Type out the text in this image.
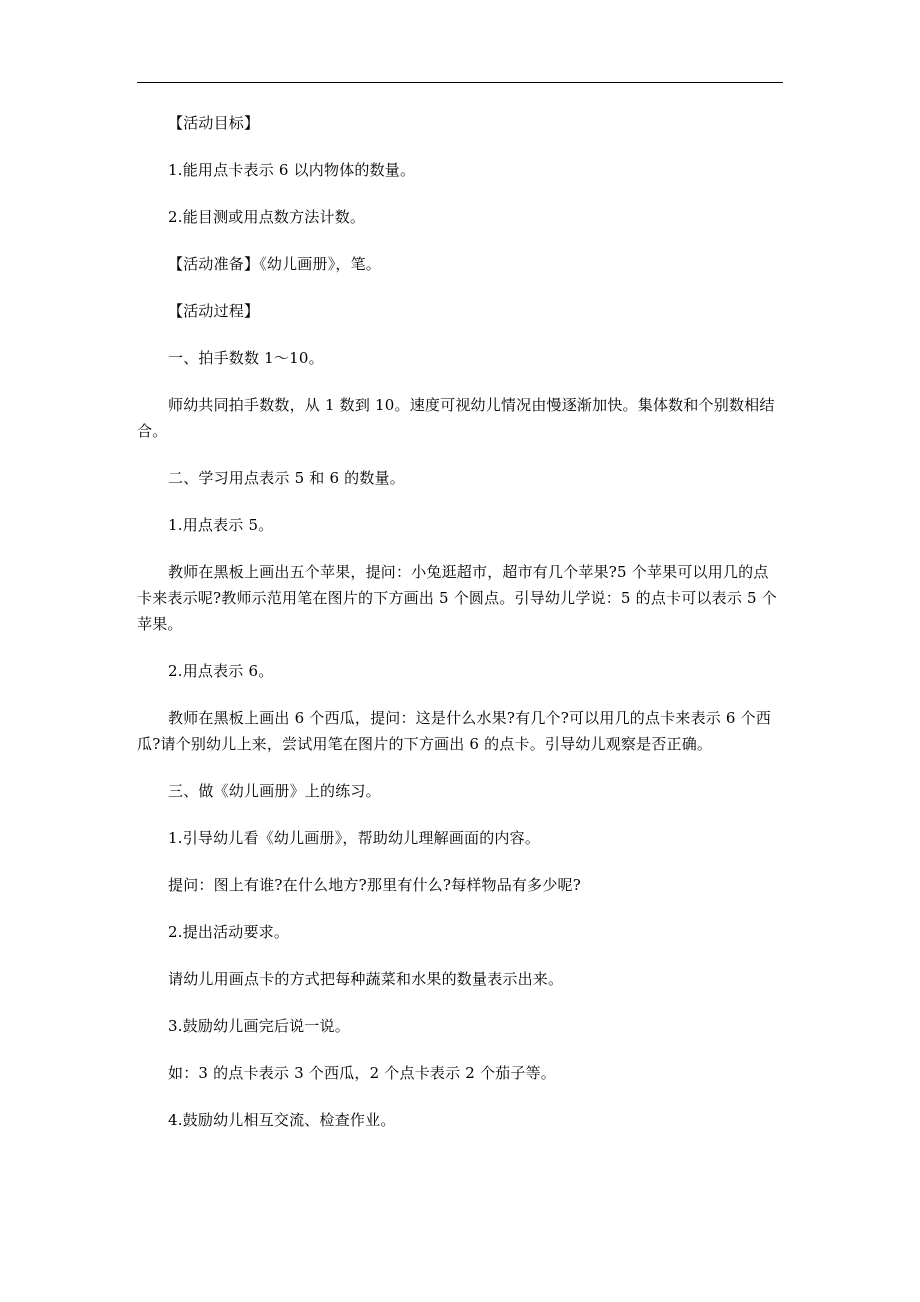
【活动目标】

1.能用点卡表示 6 以内物体的数量。

2.能目测或用点数方法计数。

【活动准备】《幼儿画册》，笔。

【活动过程】

一、拍手数数 1～10。

师幼共同拍手数数，从 1 数到 10。速度可视幼儿情况由慢逐渐加快。集体数和个别数相结合。

二、学习用点表示 5 和 6 的数量。

1.用点表示 5。

教师在黑板上画出五个苹果，提问：小兔逛超市，超市有几个苹果?5 个苹果可以用几的点卡来表示呢?教师示范用笔在图片的下方画出 5 个圆点。引导幼儿学说：5 的点卡可以表示 5 个苹果。

2.用点表示 6。

教师在黑板上画出 6 个西瓜，提问：这是什么水果?有几个?可以用几的点卡来表示 6 个西瓜?请个别幼儿上来，尝试用笔在图片的下方画出 6 的点卡。引导幼儿观察是否正确。

三、做《幼儿画册》上的练习。

1.引导幼儿看《幼儿画册》，帮助幼儿理解画面的内容。

提问：图上有谁?在什么地方?那里有什么?每样物品有多少呢?

2.提出活动要求。

请幼儿用画点卡的方式把每种蔬菜和水果的数量表示出来。

3.鼓励幼儿画完后说一说。

如：3 的点卡表示 3 个西瓜，2 个点卡表示 2 个茄子等。

4.鼓励幼儿相互交流、检查作业。
